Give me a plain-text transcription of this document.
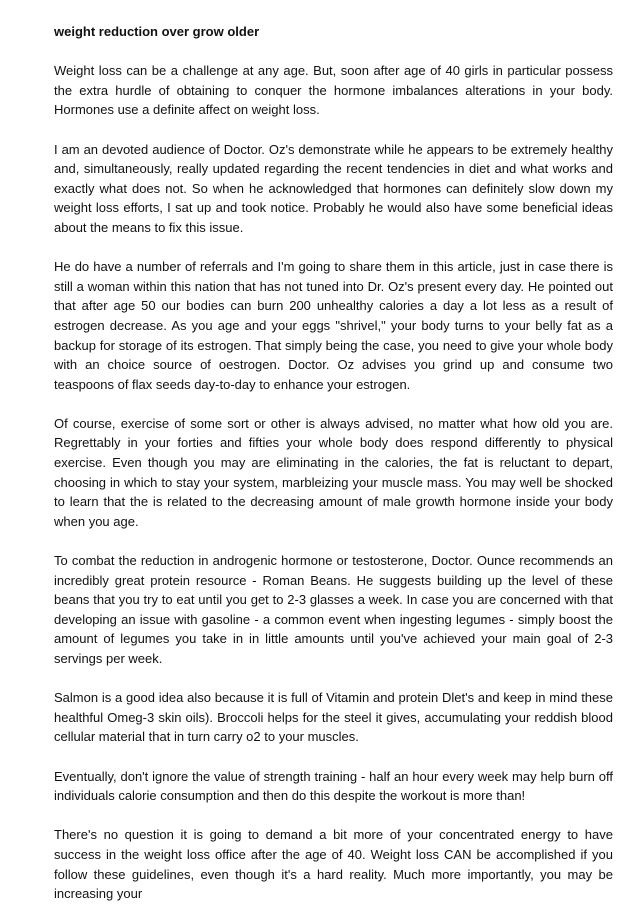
weight reduction over grow older

Weight loss can be a challenge at any age. But, soon after age of 40 girls in particular possess the extra hurdle of obtaining to conquer the hormone imbalances alterations in your body. Hormones use a definite affect on weight loss.

I am an devoted audience of Doctor. Oz's demonstrate while he appears to be extremely healthy and, simultaneously, really updated regarding the recent tendencies in diet and what works and exactly what does not. So when he acknowledged that hormones can definitely slow down my weight loss efforts, I sat up and took notice. Probably he would also have some beneficial ideas about the means to fix this issue.

He do have a number of referrals and I'm going to share them in this article, just in case there is still a woman within this nation that has not tuned into Dr. Oz's present every day. He pointed out that after age 50 our bodies can burn 200 unhealthy calories a day a lot less as a result of estrogen decrease. As you age and your eggs "shrivel," your body turns to your belly fat as a backup for storage of its estrogen. That simply being the case, you need to give your whole body with an choice source of oestrogen. Doctor. Oz advises you grind up and consume two teaspoons of flax seeds day-to-day to enhance your estrogen.

Of course, exercise of some sort or other is always advised, no matter what how old you are. Regrettably in your forties and fifties your whole body does respond differently to physical exercise. Even though you may are eliminating in the calories, the fat is reluctant to depart, choosing in which to stay your system, marbleizing your muscle mass. You may well be shocked to learn that the is related to the decreasing amount of male growth hormone inside your body when you age.

To combat the reduction in androgenic hormone or testosterone, Doctor. Ounce recommends an incredibly great protein resource - Roman Beans. He suggests building up the level of these beans that you try to eat until you get to 2-3 glasses a week. In case you are concerned with that developing an issue with gasoline - a common event when ingesting legumes - simply boost the amount of legumes you take in in little amounts until you've achieved your main goal of 2-3 servings per week.

Salmon is a good idea also because it is full of Vitamin and protein Dlet's and keep in mind these healthful Omeg-3 skin oils). Broccoli helps for the steel it gives, accumulating your reddish blood cellular material that in turn carry o2 to your muscles.

Eventually, don't ignore the value of strength training - half an hour every week may help burn off individuals calorie consumption and then do this despite the workout is more than!

There's no question it is going to demand a bit more of your concentrated energy to have success in the weight loss office after the age of 40. Weight loss CAN be accomplished if you follow these guidelines, even though it's a hard reality. Much more importantly, you may be increasing your
